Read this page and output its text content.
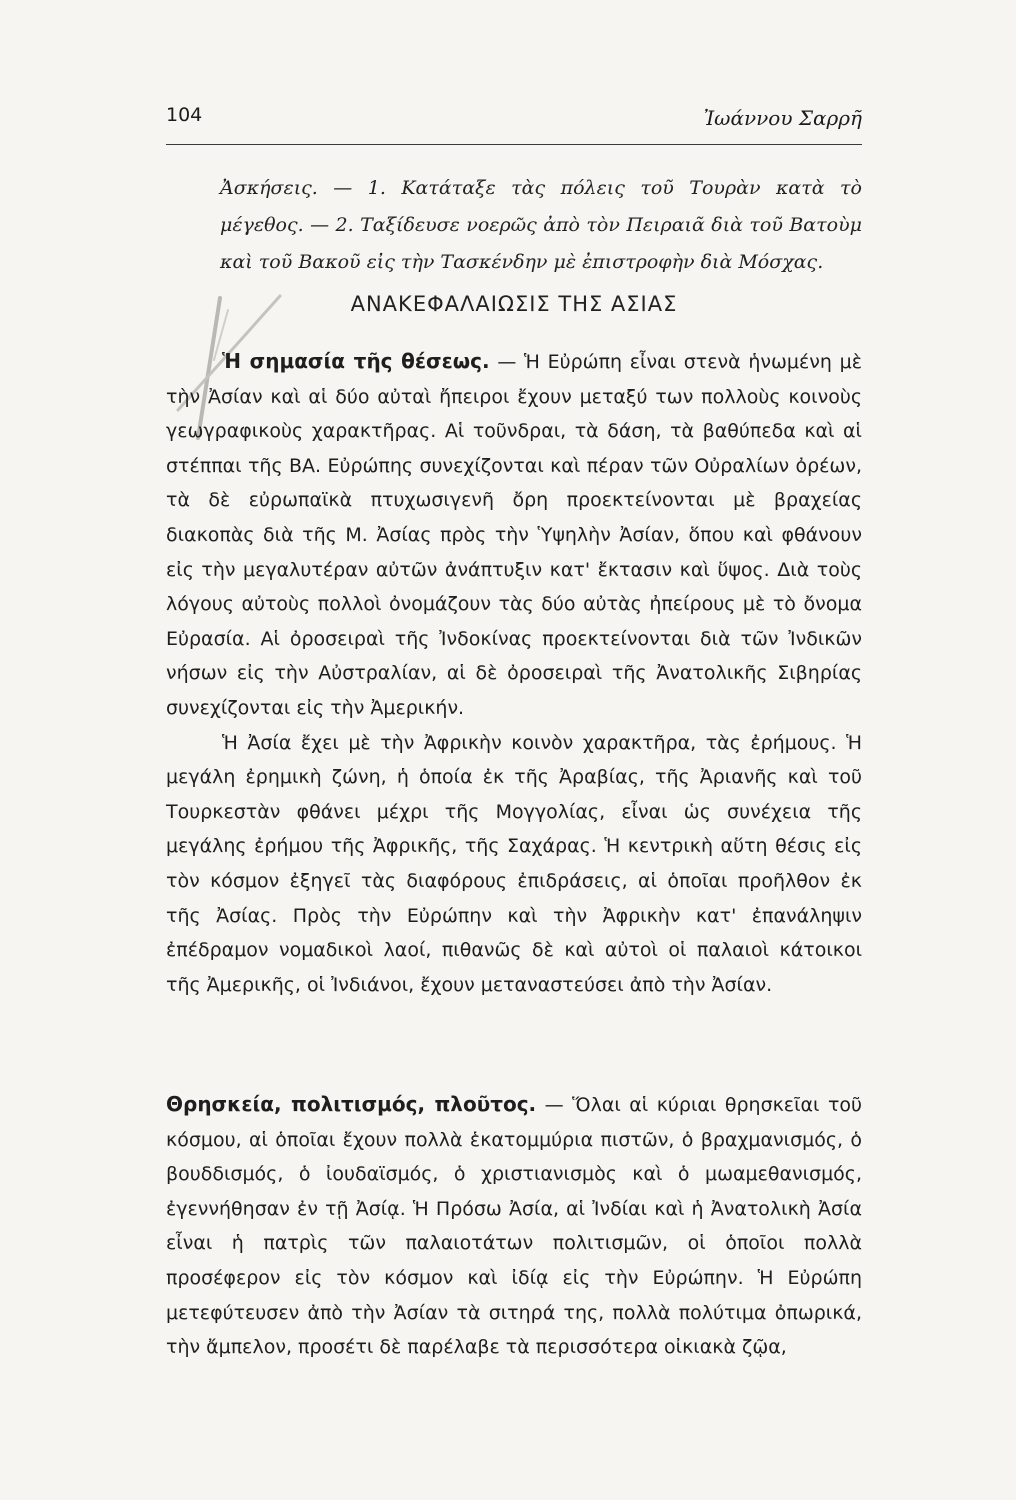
104	Ἰωάννου Σαρρῆ
Ἀσκήσεις. — 1. Κατάταξε τὰς πόλεις τοῦ Τουρὰν κατὰ τὸ μέγεθος. — 2. Ταξίδευσε νοερῶς ἀπὸ τὸν Πειραιᾶ διὰ τοῦ Βατοὺμ καὶ τοῦ Βακοῦ εἰς τὴν Τασκένδην μὲ ἐπιστροφὴν διὰ Μόσχας.
ΑΝΑΚΕΦΑΛΑΙΩΣΙΣ ΤΗΣ ΑΣΙΑΣ

Ἡ σημασία τῆς θέσεως. — Ἡ Εὐρώπη εἶναι στενὰ ἡνωμένη μὲ τὴν Ἀσίαν καὶ αἱ δύο αὐταὶ ἤπειροι ἔχουν μεταξύ των πολλοὺς κοινοὺς γεωγραφικοὺς χαρακτῆρας. Αἱ τοῦνδραι, τὰ δάση, τὰ βαθύπεδα καὶ αἱ στέππαι τῆς ΒΑ. Εὐρώπης συνεχίζονται καὶ πέραν τῶν Οὐραλίων ὀρέων, τὰ δὲ εὐρωπαϊκὰ πτυχωσιγενῆ ὄρη προεκτείνονται μὲ βραχείας διακοπὰς διὰ τῆς Μ. Ἀσίας πρὸς τὴν Ὑψηλὴν Ἀσίαν, ὅπου καὶ φθάνουν εἰς τὴν μεγαλυτέραν αὐτῶν ἀνάπτυξιν κατ' ἔκτασιν καὶ ὕψος. Διὰ τοὺς λόγους αὐτοὺς πολλοὶ ὀνομάζουν τὰς δύο αὐτὰς ἠπείρους μὲ τὸ ὄνομα Εὐρασία. Αἱ ὀροσειραὶ τῆς Ἰνδοκίνας προεκτείνονται διὰ τῶν Ἰνδικῶν νήσων εἰς τὴν Αὐστραλίαν, αἱ δὲ ὀροσειραὶ τῆς Ἀνατολικῆς Σιβηρίας συνεχίζονται εἰς τὴν Ἀμερικήν.

Ἡ Ἀσία ἔχει μὲ τὴν Ἀφρικὴν κοινὸν χαρακτῆρα, τὰς ἐρήμους. Ἡ μεγάλη ἐρημικὴ ζώνη, ἡ ὁποία ἐκ τῆς Ἀραβίας, τῆς Ἀριανῆς καὶ τοῦ Τουρκεστὰν φθάνει μέχρι τῆς Μογγολίας, εἶναι ὡς συνέχεια τῆς μεγάλης ἐρήμου τῆς Ἀφρικῆς, τῆς Σαχάρας. Ἡ κεντρικὴ αὕτη θέσις εἰς τὸν κόσμον ἐξηγεῖ τὰς διαφόρους ἐπιδράσεις, αἱ ὁποῖαι προῆλθον ἐκ τῆς Ἀσίας. Πρὸς τὴν Εὐρώπην καὶ τὴν Ἀφρικὴν κατ' ἐπανάληψιν ἐπέδραμον νομαδικοὶ λαοί, πιθανῶς δὲ καὶ αὐτοὶ οἱ παλαιοὶ κάτοικοι τῆς Ἀμερικῆς, οἱ Ἰνδιάνοι, ἔχουν μεταναστεύσει ἀπὸ τὴν Ἀσίαν.

Θρησκεία, πολιτισμός, πλοῦτος. — Ὅλαι αἱ κύριαι θρησκεῖαι τοῦ κόσμου, αἱ ὁποῖαι ἔχουν πολλὰ ἑκατομμύρια πιστῶν, ὁ βραχμανισμός, ὁ βουδδισμός, ὁ ἰουδαϊσμός, ὁ χριστιανισμὸς καὶ ὁ μωαμεθανισμός, ἐγεννήθησαν ἐν τῇ Ἀσίᾳ. Ἡ Πρόσω Ἀσία, αἱ Ἰνδίαι καὶ ἡ Ἀνατολικὴ Ἀσία εἶναι ἡ πατρὶς τῶν παλαιοτάτων πολιτισμῶν, οἱ ὁποῖοι πολλὰ προσέφερον εἰς τὸν κόσμον καὶ ἰδίᾳ εἰς τὴν Εὐρώπην. Ἡ Εὐρώπη μετεφύτευσεν ἀπὸ τὴν Ἀσίαν τὰ σιτηρά της, πολλὰ πολύτιμα ὀπωρικά, τὴν ἄμπελον, προσέτι δὲ παρέλαβε τὰ περισσότερα οἰκιακὰ ζῷα,
